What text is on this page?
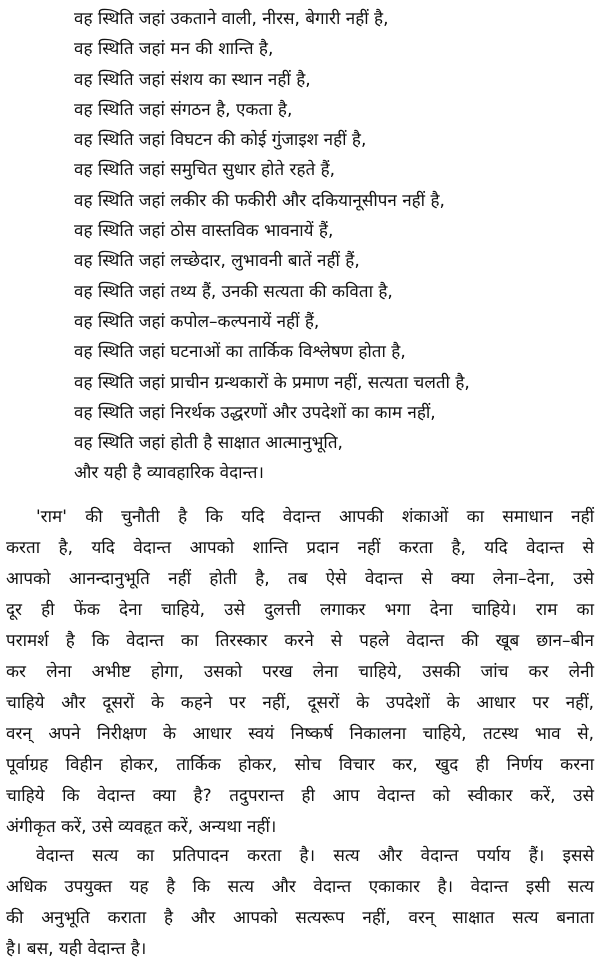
वह स्थिति जहां उकताने वाली, नीरस, बेगारी नहीं है,
वह स्थिति जहां मन की शान्ति है,
वह स्थिति जहां संशय का स्थान नहीं है,
वह स्थिति जहां संगठन है, एकता है,
वह स्थिति जहां विघटन की कोई गुंजाइश नहीं है,
वह स्थिति जहां समुचित सुधार होते रहते हैं,
वह स्थिति जहां लकीर की फकीरी और दकियानूसीपन नहीं है,
वह स्थिति जहां ठोस वास्तविक भावनायें हैं,
वह स्थिति जहां लच्छेदार, लुभावनी बातें नहीं हैं,
वह स्थिति जहां तथ्य हैं, उनकी सत्यता की कविता है,
वह स्थिति जहां कपोल–कल्पनायें नहीं हैं,
वह स्थिति जहां घटनाओं का तार्किक विश्लेषण होता है,
वह स्थिति जहां प्राचीन ग्रन्थकारों के प्रमाण नहीं, सत्यता चलती है,
वह स्थिति जहां निरर्थक उद्धरणों और उपदेशों का काम नहीं,
वह स्थिति जहां होती है साक्षात आत्मानुभूति,
और यही है व्यावहारिक वेदान्त।
'राम' की चुनौती है कि यदि वेदान्त आपकी शंकाओं का समाधान नहीं
करता है, यदि वेदान्त आपको शान्ति प्रदान नहीं करता है, यदि वेदान्त से
आपको आनन्दानुभूति नहीं होती है, तब ऐसे वेदान्त से क्या लेना–देना, उसे
दूर ही फेंक देना चाहिये, उसे दुलत्ती लगाकर भगा देना चाहिये। राम का
परामर्श है कि वेदान्त का तिरस्कार करने से पहले वेदान्त की खूब छान–बीन
कर लेना अभीष्ट होगा, उसको परख लेना चाहिये, उसकी जांच कर लेनी
चाहिये और दूसरों के कहने पर नहीं, दूसरों के उपदेशों के आधार पर नहीं,
वरन् अपने निरीक्षण के आधार स्वयं निष्कर्ष निकालना चाहिये, तटस्थ भाव से,
पूर्वाग्रह विहीन होकर, तार्किक होकर, सोच विचार कर, खुद ही निर्णय करना
चाहिये कि वेदान्त क्या है? तदुपरान्त ही आप वेदान्त को स्वीकार करें, उसे
अंगीकृत करें, उसे व्यवहृत करें, अन्यथा नहीं।
वेदान्त सत्य का प्रतिपादन करता है। सत्य और वेदान्त पर्याय हैं। इससे
अधिक उपयुक्त यह है कि सत्य और वेदान्त एकाकार है। वेदान्त इसी सत्य
की अनुभूति कराता है और आपको सत्यरूप नहीं, वरन् साक्षात सत्य बनाता
है। बस, यही वेदान्त है।
